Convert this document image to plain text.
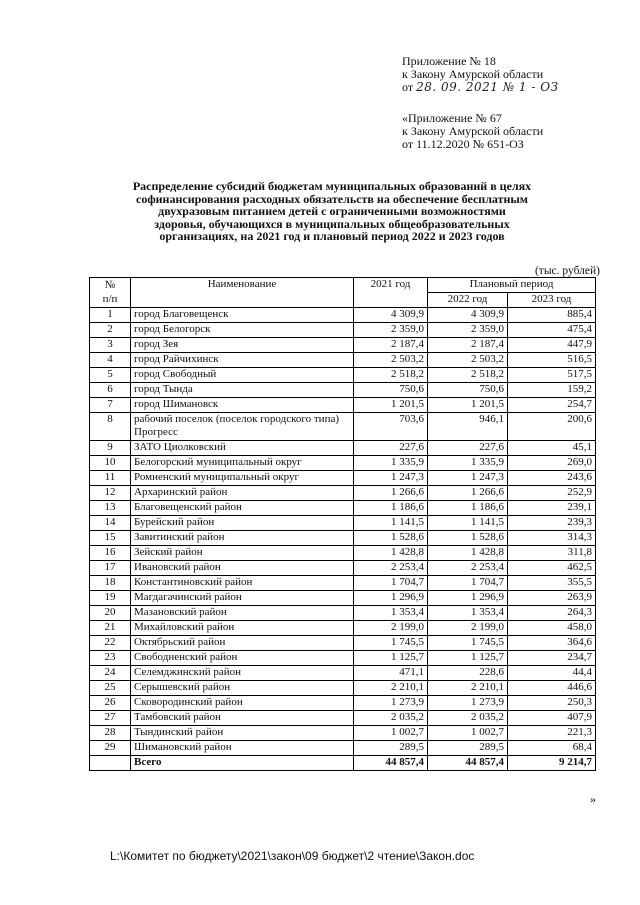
Приложение № 18
к Закону Амурской области
от 28. 09. 2021 № 1 - ОЗ
«Приложение № 67
к Закону Амурской области
от 11.12.2020 № 651-ОЗ
Распределение субсидий бюджетам муниципальных образований в целях
софинансирования расходных обязательств на обеспечение бесплатным
двухразовым питанием детей с ограниченными возможностями
здоровья, обучающихся в муниципальных общеобразовательных
организациях, на 2021 год и плановый период 2022 и 2023 годов
(тыс. рублей)
№
п/п	Наименование	2021 год	Плановый период	
			2022 год	2023 год
1	город Благовещенск	4 309,9	4 309,9	885,4
2	город Белогорск	2 359,0	2 359,0	475,4
3	город Зея	2 187,4	2 187,4	447,9
4	город Райчихинск	2 503,2	2 503,2	516,5
5	город Свободный	2 518,2	2 518,2	517,5
6	город Тында	750,6	750,6	159,2
7	город Шимановск	1 201,5	1 201,5	254,7
8	рабочий поселок (поселок городского типа) Прогресс	703,6	946,1	200,6
9	ЗАТО Циолковский	227,6	227,6	45,1
10	Белогорский муниципальный округ	1 335,9	1 335,9	269,0
11	Ромненский муниципальный округ	1 247,3	1 247,3	243,6
12	Архаринский район	1 266,6	1 266,6	252,9
13	Благовещенский район	1 186,6	1 186,6	239,1
14	Бурейский район	1 141,5	1 141,5	239,3
15	Завитинский район	1 528,6	1 528,6	314,3
16	Зейский район	1 428,8	1 428,8	311,8
17	Ивановский район	2 253,4	2 253,4	462,5
18	Константиновский район	1 704,7	1 704,7	355,5
19	Магдагачинский район	1 296,9	1 296,9	263,9
20	Мазановский район	1 353,4	1 353,4	264,3
21	Михайловский район	2 199,0	2 199,0	458,0
22	Октябрьский район	1 745,5	1 745,5	364,6
23	Свободненский район	1 125,7	1 125,7	234,7
24	Селемджинский район	471,1	228,6	44,4
25	Серышевский район	2 210,1	2 210,1	446,6
26	Сковородинский район	1 273,9	1 273,9	250,3
27	Тамбовский район	2 035,2	2 035,2	407,9
28	Тындинский район	1 002,7	1 002,7	221,3
29	Шимановский район	289,5	289,5	68,4
	Всего	44 857,4	44 857,4	9 214,7
»
L:\Комитет по бюджету\2021\закон\09 бюджет\2 чтение\Закон.doc
